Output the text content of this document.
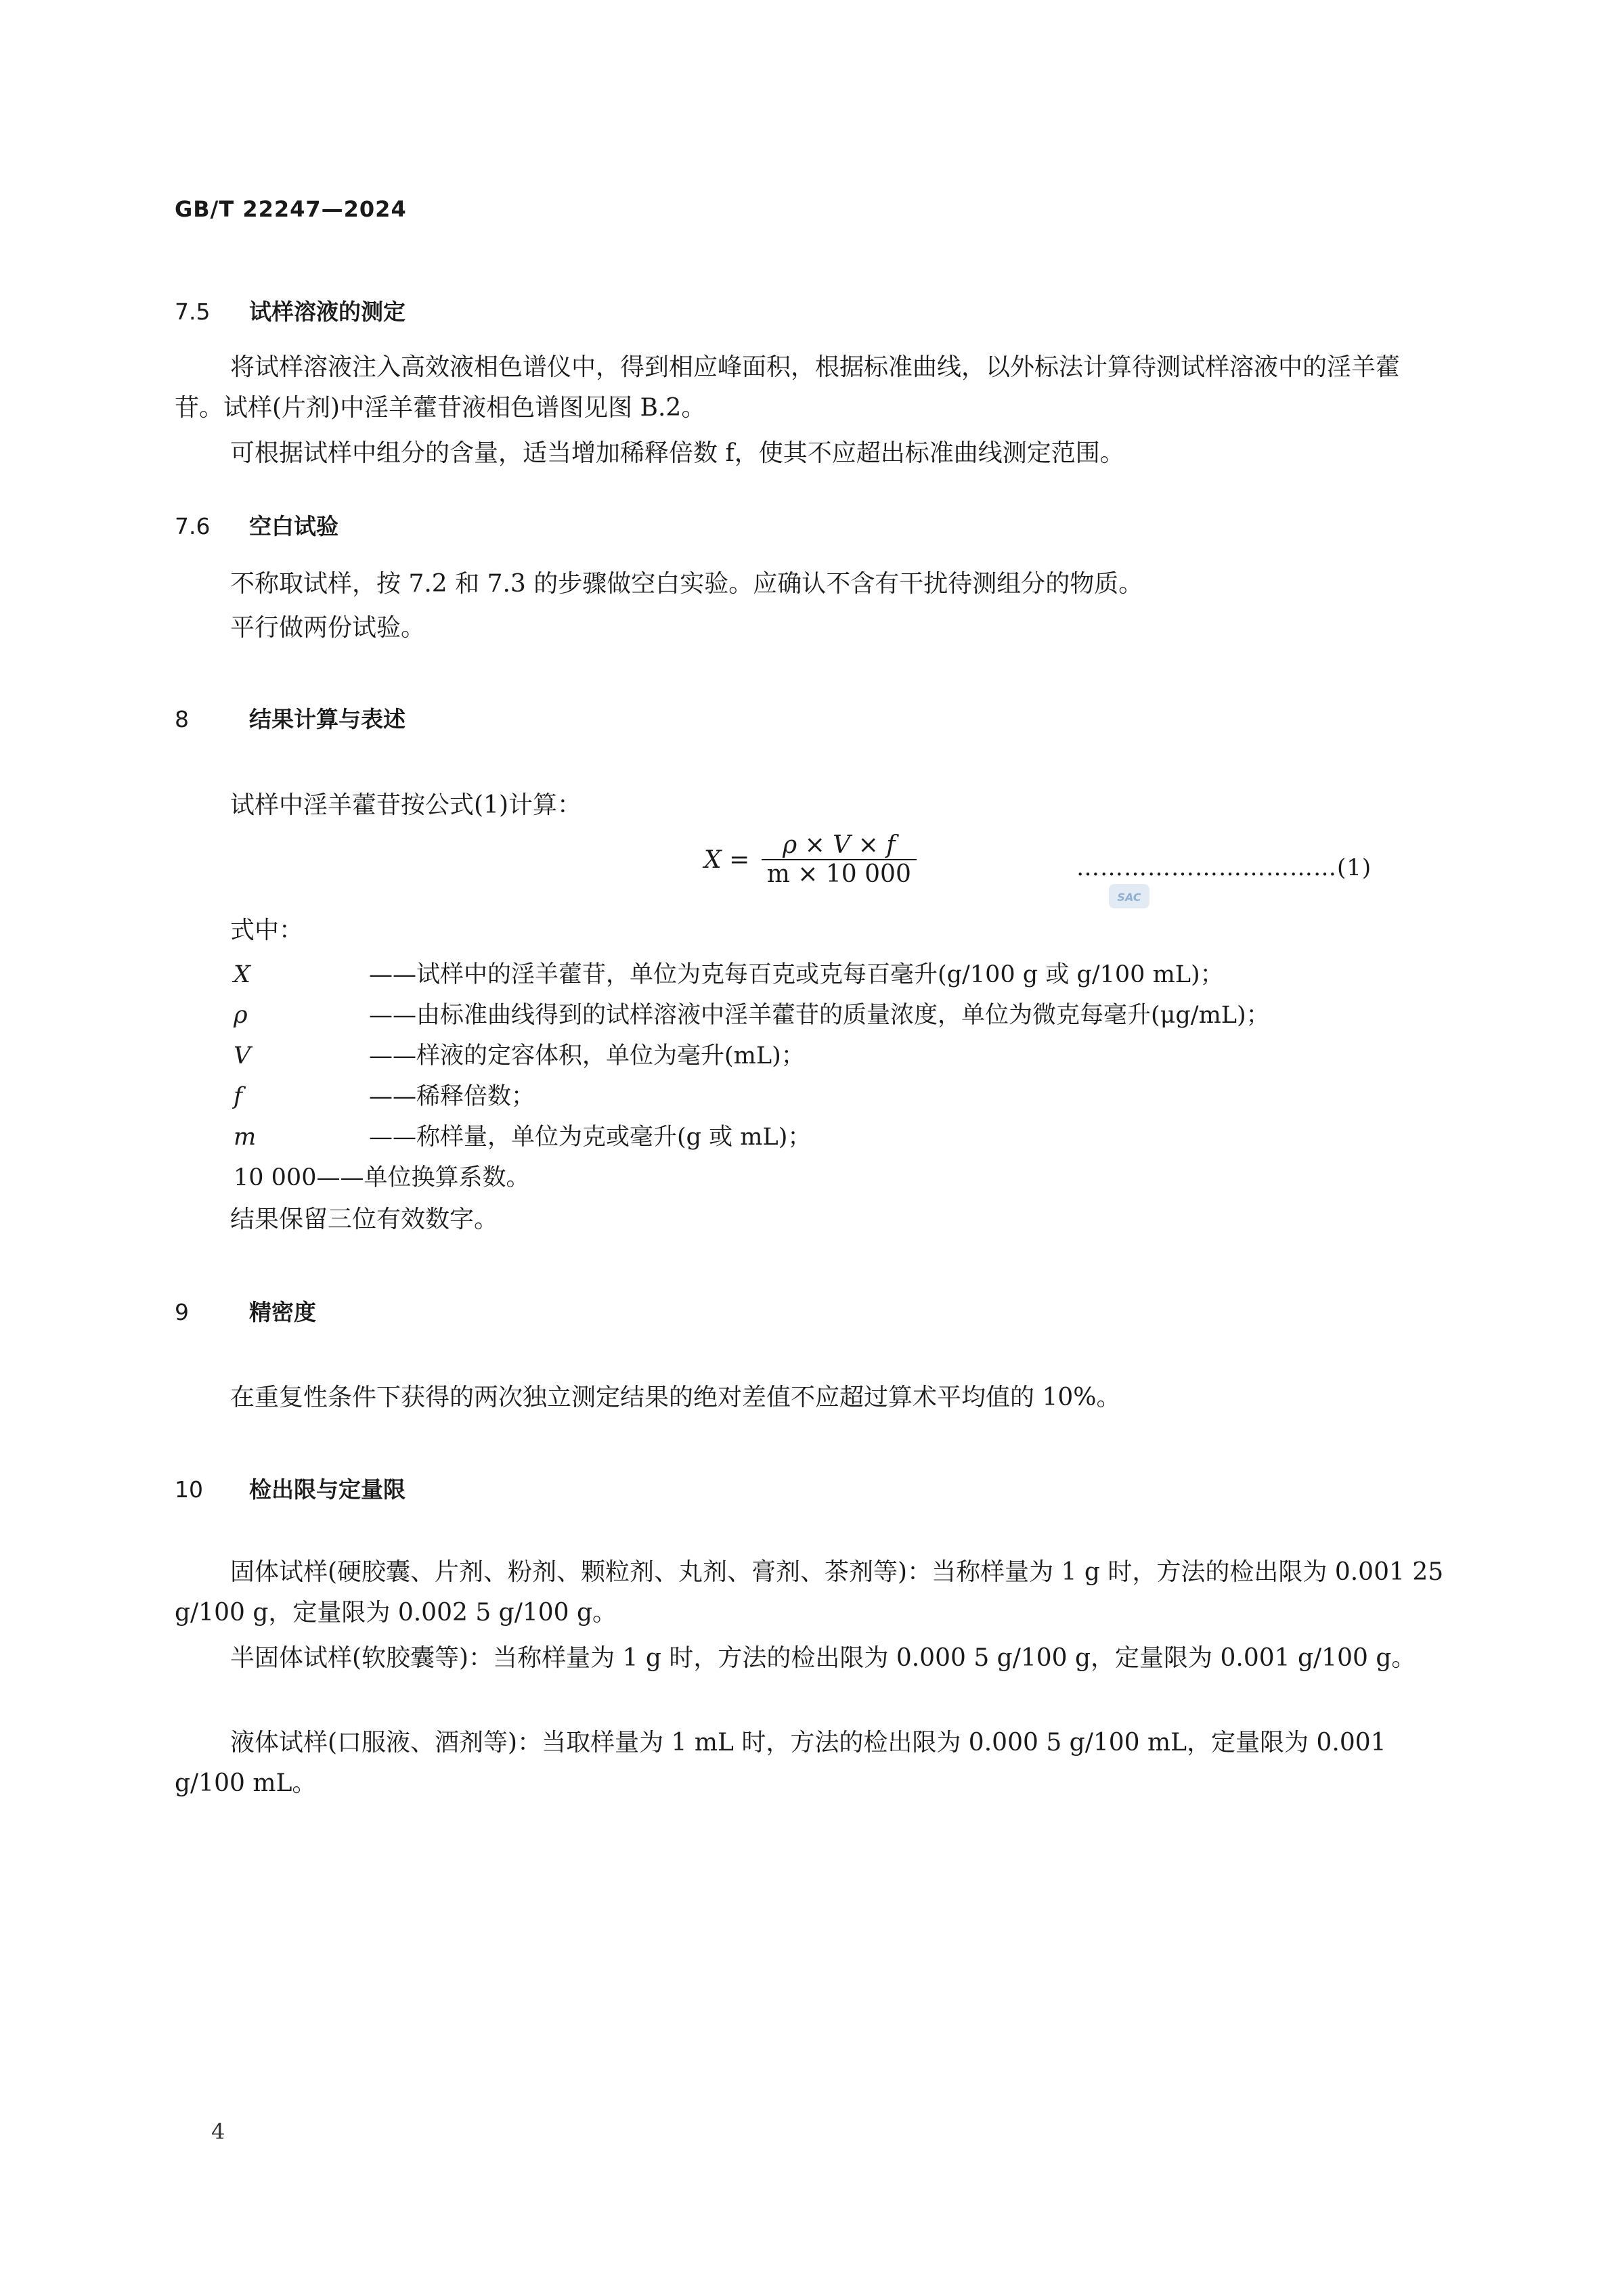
GB/T 22247—2024
7.5 试样溶液的测定
将试样溶液注入高效液相色谱仪中，得到相应峰面积，根据标准曲线，以外标法计算待测试样溶液中的淫羊藿苷。试样(片剂)中淫羊藿苷液相色谱图见图 B.2。
可根据试样中组分的含量，适当增加稀释倍数 f，使其不应超出标准曲线测定范围。
7.6 空白试验
不称取试样，按 7.2 和 7.3 的步骤做空白实验。应确认不含有干扰待测组分的物质。
平行做两份试验。
8	结果计算与表述
试样中淫羊藿苷按公式(1)计算：
$X = \frac{\rho \times V \times f}{m \times 10 000}$	……………………………(1)
SAC
式中：
X	——试样中的淫羊藿苷，单位为克每百克或克每百毫升(g/100 g 或 g/100 mL)；
ρ	——由标准曲线得到的试样溶液中淫羊藿苷的质量浓度，单位为微克每毫升(μg/mL)；
V	——样液的定容体积，单位为毫升(mL)；
f	——稀释倍数；
m	——称样量，单位为克或毫升(g 或 mL)；
10 000——单位换算系数。
结果保留三位有效数字。
9	精密度
在重复性条件下获得的两次独立测定结果的绝对差值不应超过算术平均值的 10%。
10 检出限与定量限
固体试样(硬胶囊、片剂、粉剂、颗粒剂、丸剂、膏剂、茶剂等)：当称样量为 1 g 时，方法的检出限为 0.001 25 g/100 g，定量限为 0.002 5 g/100 g。
半固体试样(软胶囊等)：当称样量为 1 g 时，方法的检出限为 0.000 5 g/100 g，定量限为 0.001 g/100 g。
液体试样(口服液、酒剂等)：当取样量为 1 mL 时，方法的检出限为 0.000 5 g/100 mL，定量限为 0.001 g/100 mL。
4
